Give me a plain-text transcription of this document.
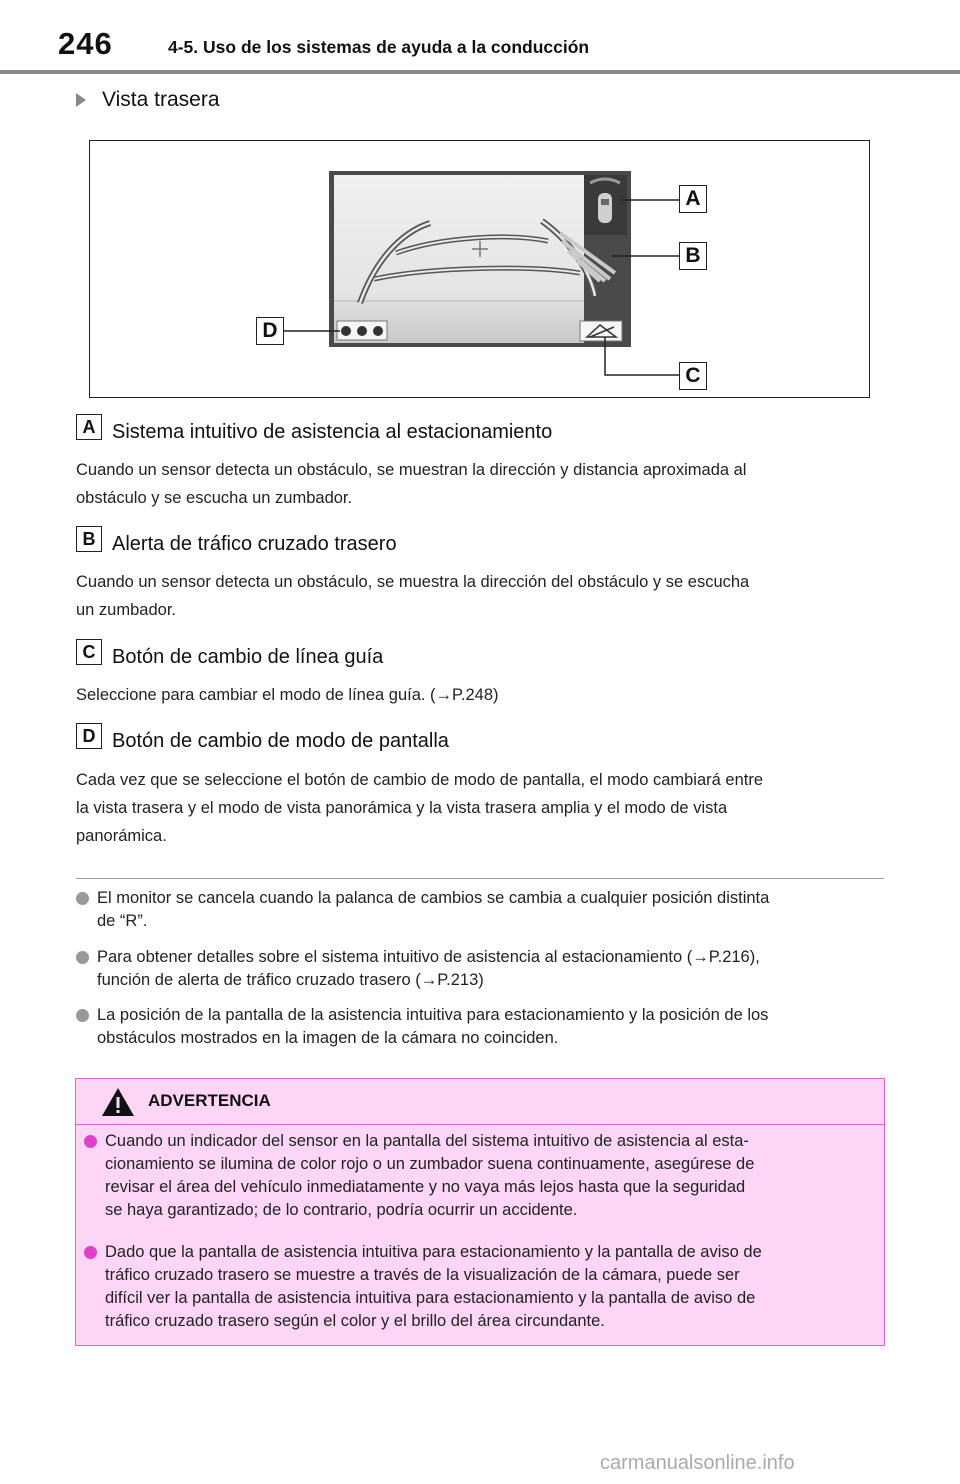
246	4-5. Uso de los sistemas de ayuda a la conducción
Vista trasera
A
B
C
D
A Sistema intuitivo de asistencia al estacionamiento
Cuando un sensor detecta un obstáculo, se muestran la dirección y distancia aproximada al
obstáculo y se escucha un zumbador.
B Alerta de tráfico cruzado trasero
Cuando un sensor detecta un obstáculo, se muestra la dirección del obstáculo y se escucha
un zumbador.
C Botón de cambio de línea guía
Seleccione para cambiar el modo de línea guía. (→P.248)
D Botón de cambio de modo de pantalla
Cada vez que se seleccione el botón de cambio de modo de pantalla, el modo cambiará entre
la vista trasera y el modo de vista panorámica y la vista trasera amplia y el modo de vista
panorámica.
El monitor se cancela cuando la palanca de cambios se cambia a cualquier posición distinta
de “R”.
Para obtener detalles sobre el sistema intuitivo de asistencia al estacionamiento (→P.216),
función de alerta de tráfico cruzado trasero (→P.213)
La posición de la pantalla de la asistencia intuitiva para estacionamiento y la posición de los
obstáculos mostrados en la imagen de la cámara no coinciden.
ADVERTENCIA
Cuando un indicador del sensor en la pantalla del sistema intuitivo de asistencia al esta-
cionamiento se ilumina de color rojo o un zumbador suena continuamente, asegúrese de
revisar el área del vehículo inmediatamente y no vaya más lejos hasta que la seguridad
se haya garantizado; de lo contrario, podría ocurrir un accidente.
Dado que la pantalla de asistencia intuitiva para estacionamiento y la pantalla de aviso de
tráfico cruzado trasero se muestre a través de la visualización de la cámara, puede ser
difícil ver la pantalla de asistencia intuitiva para estacionamiento y la pantalla de aviso de
tráfico cruzado trasero según el color y el brillo del área circundante.
carmanualsonline.info
